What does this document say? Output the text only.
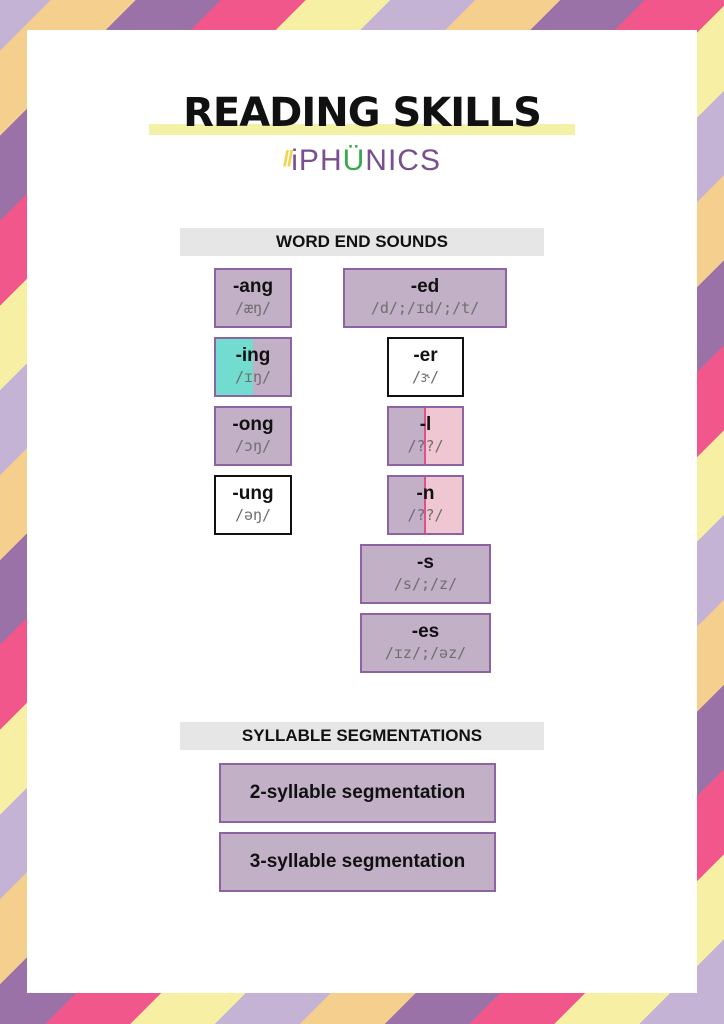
READING SKILLS
//iPHÜNICS
WORD END SOUNDS
-ang
/æŋ/
-ing
/ɪŋ/
-ong
/ɔŋ/
-ung
/əŋ/
-ed
/d/;/ɪd/;/t/
-er
/ɝ/
-l
/??/
-n
/??/
-s
/s/;/z/
-es
/ɪz/;/əz/
SYLLABLE SEGMENTATIONS
2-syllable segmentation
3-syllable segmentation
